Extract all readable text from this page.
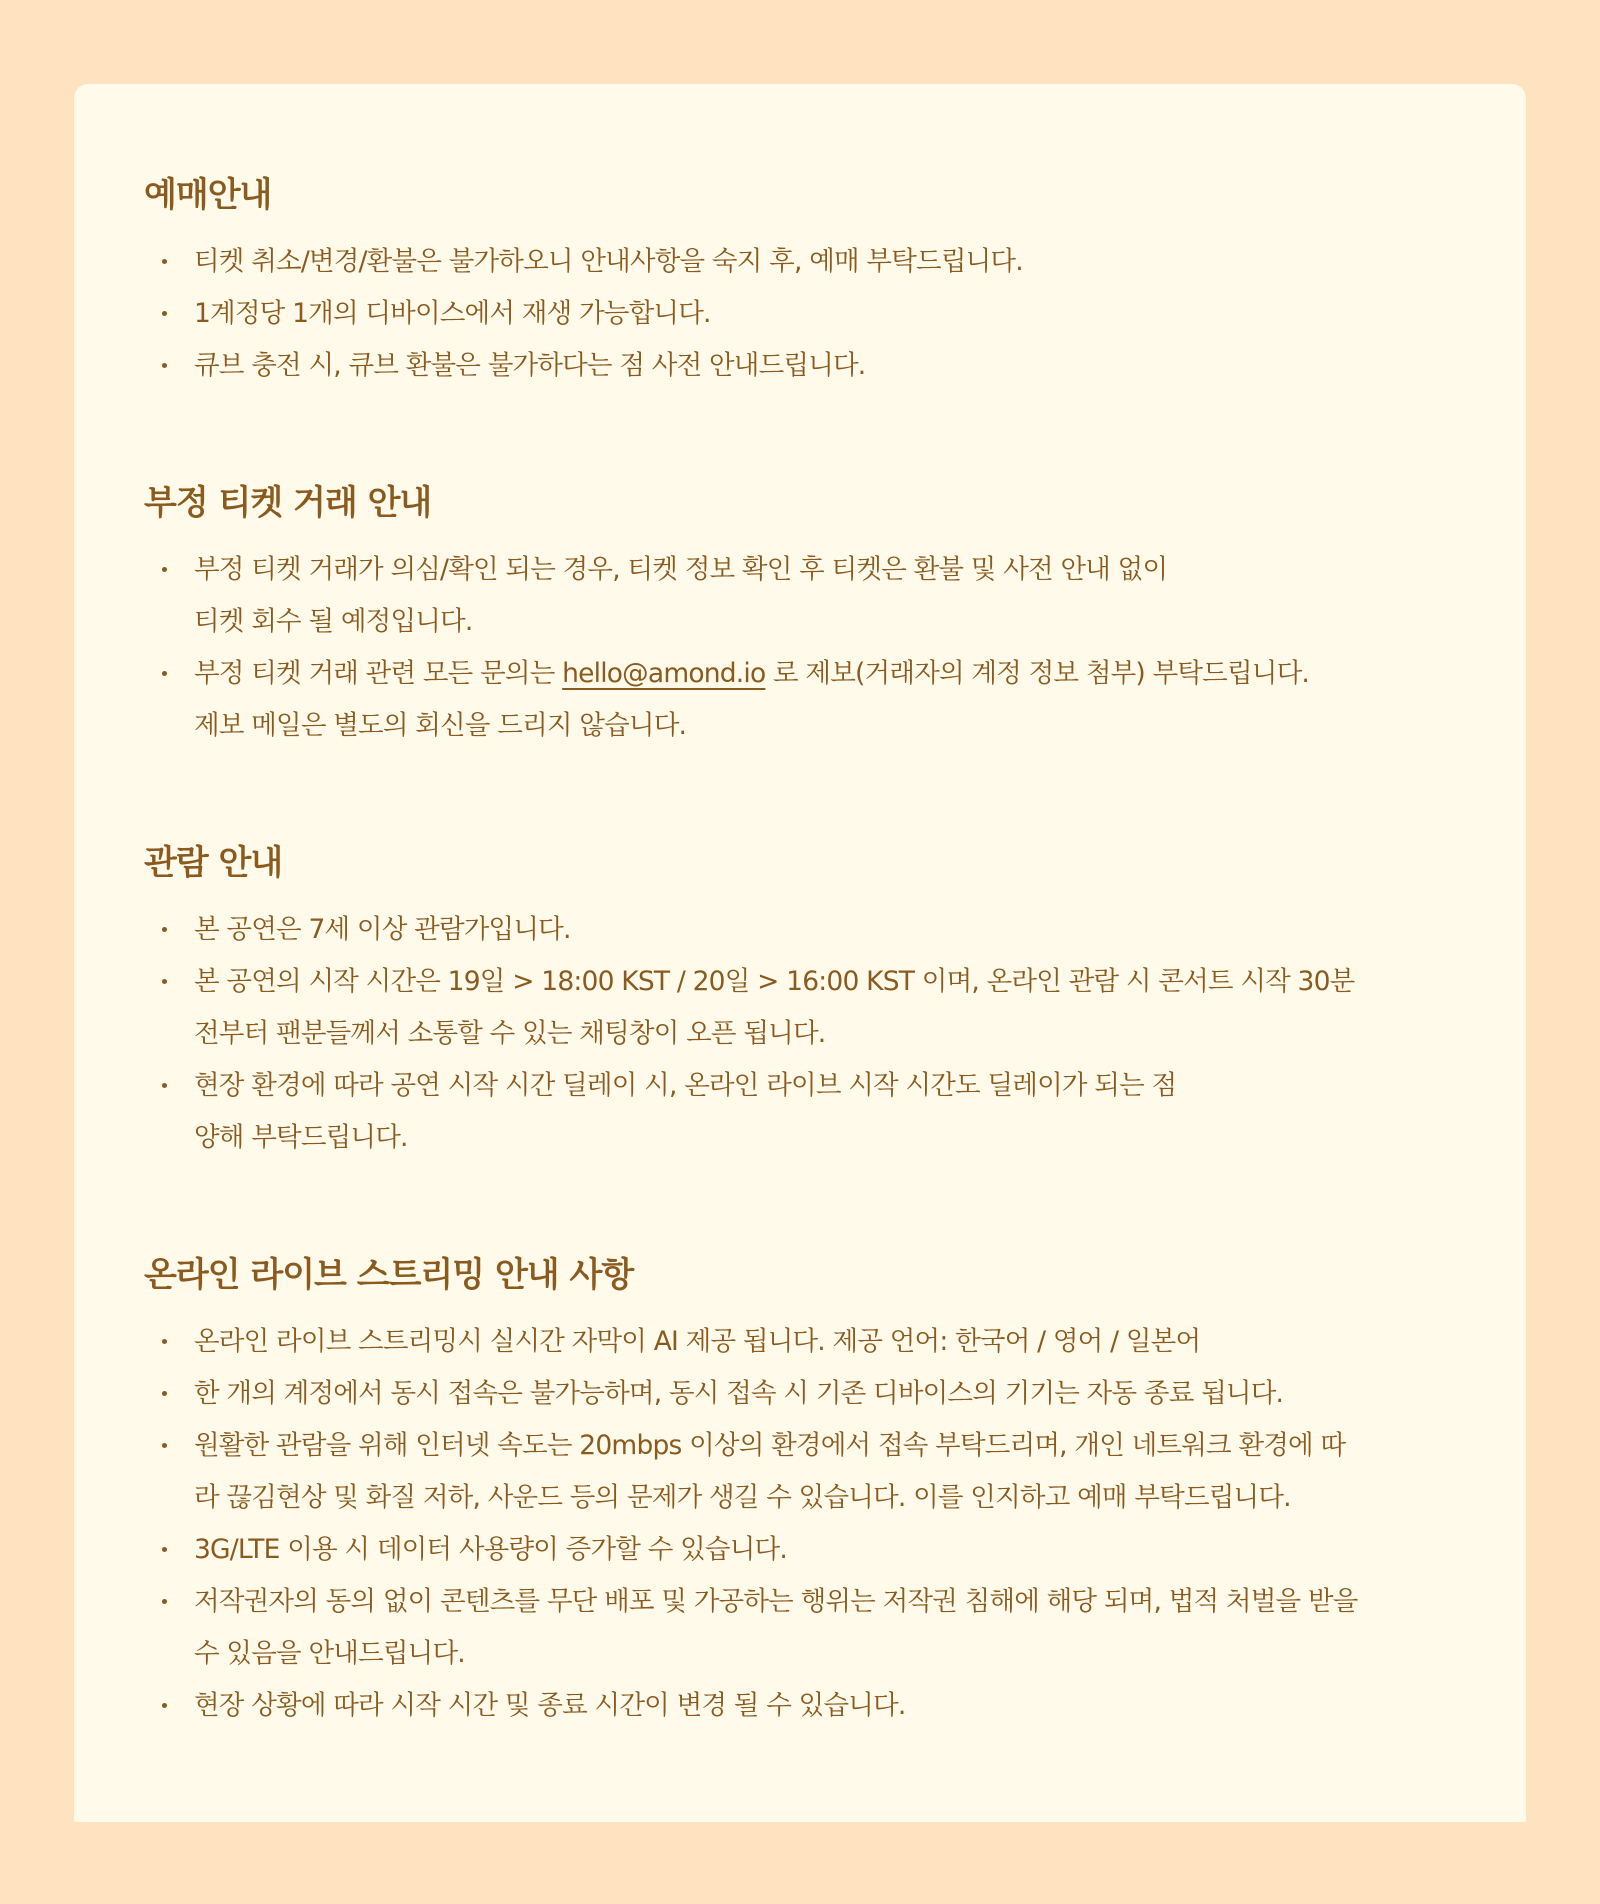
예매안내
티켓 취소/변경/환불은 불가하오니 안내사항을 숙지 후, 예매 부탁드립니다.
1계정당 1개의 디바이스에서 재생 가능합니다.
큐브 충전 시, 큐브 환불은 불가하다는 점 사전 안내드립니다.
부정 티켓 거래 안내
부정 티켓 거래가 의심/확인 되는 경우, 티켓 정보 확인 후 티켓은 환불 및 사전 안내 없이
티켓 회수 될 예정입니다.
부정 티켓 거래 관련 모든 문의는 hello@amond.io 로 제보(거래자의 계정 정보 첨부) 부탁드립니다.
제보 메일은 별도의 회신을 드리지 않습니다.
관람 안내
본 공연은 7세 이상 관람가입니다.
본 공연의 시작 시간은 19일 > 18:00 KST / 20일 > 16:00 KST 이며, 온라인 관람 시 콘서트 시작 30분
전부터 팬분들께서 소통할 수 있는 채팅창이 오픈 됩니다.
현장 환경에 따라 공연 시작 시간 딜레이 시, 온라인 라이브 시작 시간도 딜레이가 되는 점
양해 부탁드립니다.
온라인 라이브 스트리밍 안내 사항
온라인 라이브 스트리밍시 실시간 자막이 AI 제공 됩니다. 제공 언어: 한국어 / 영어 / 일본어
한 개의 계정에서 동시 접속은 불가능하며, 동시 접속 시 기존 디바이스의 기기는 자동 종료 됩니다.
원활한 관람을 위해 인터넷 속도는 20mbps 이상의 환경에서 접속 부탁드리며, 개인 네트워크 환경에 따
라 끊김현상 및 화질 저하, 사운드 등의 문제가 생길 수 있습니다. 이를 인지하고 예매 부탁드립니다.
3G/LTE 이용 시 데이터 사용량이 증가할 수 있습니다.
저작권자의 동의 없이 콘텐츠를 무단 배포 및 가공하는 행위는 저작권 침해에 해당 되며, 법적 처벌을 받을
수 있음을 안내드립니다.
현장 상황에 따라 시작 시간 및 종료 시간이 변경 될 수 있습니다.
